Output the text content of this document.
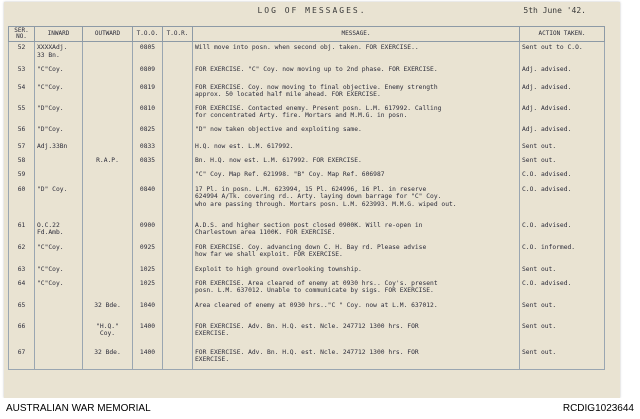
LOG OF MESSAGES.	5th June '42.
SER. NO.	INWARD	OUTWARD	T.O.O.	T.O.R.	MESSAGE.	ACTION TAKEN.
52	XXXXAdj.
33 Bn.		0805		Will move into posn. when second obj. taken. FOR EXERCISE..	Sent out to C.O.
53	"C"Coy.		0809		FOR EXERCISE. "C" Coy. now moving up to 2nd phase. FOR EXERCISE.	Adj. advised.
54	"C"Coy.		0819		FOR EXERCISE. Coy. now moving to final objective. Enemy strength
approx. 50 located half mile ahead. FOR EXERCISE.	Adj. advised.
55	"D"Coy.		0810		FOR EXERCISE. Contacted enemy. Present posn. L.M. 617992. Calling
for concentrated Arty. fire. Mortars and M.M.G. in posn.	Adj. Advised.
56	"D"Coy.		0825		"D" now taken objective and exploiting same.	Adj. advised.
57	Adj.33Bn		0833		H.Q. now est. L.M. 617992.	Sent out.
58		R.A.P.	0835		Bn. H.Q. now est. L.M. 617992. FOR EXERCISE.	Sent out.
59					"C" Coy. Map Ref. 621998. "B" Coy. Map Ref. 606987	C.O. advised.
60	"D" Coy.		0840		17 Pl. in posn. L.M. 623994, 15 Pl. 624996, 16 Pl. in reserve
624994 A/Tk. covering rd.. Arty. laying down barrage for "C" Coy.
who are passing through. Mortars posn. L.M. 623993. M.M.G. wiped out.	C.O. advised.
61	O.C.22
Fd.Amb.		0900		A.D.S. and higher section post closed 0900K. Will re-open in
Charlestown area 1100K. FOR EXERCISE.	C.O. advised.
62	"C"Coy.		0925		FOR EXERCISE. Coy. advancing down C. H. Bay rd. Please advise
how far we shall exploit. FOR EXERCISE.	C.O. informed.
63	"C"Coy.		1025		Exploit to high ground overlooking township.	Sent out.
64	"C"Coy.		1025		FOR EXERCISE. Area cleared of enemy at 0930 hrs.. Coy's. present
posn. L.M. 637012. Unable to communicate by sigs. FOR EXERCISE.	C.O. advised.
65		32 Bde.	1040		Area cleared of enemy at 0930 hrs.."C " Coy. now at L.M. 637012.	Sent out.
66		"H.Q."
Coy.	1400		FOR EXERCISE. Adv. Bn. H.Q. est. Ncle. 247712 1300 hrs. FOR
EXERCISE.	Sent out.
67		32 Bde.	1400		FOR EXERCISE. Adv. Bn. H.Q. est. Ncle. 247712 1300 hrs. FOR
EXERCISE.	Sent out.
AUSTRALIAN WAR MEMORIAL	RCDIG1023644
